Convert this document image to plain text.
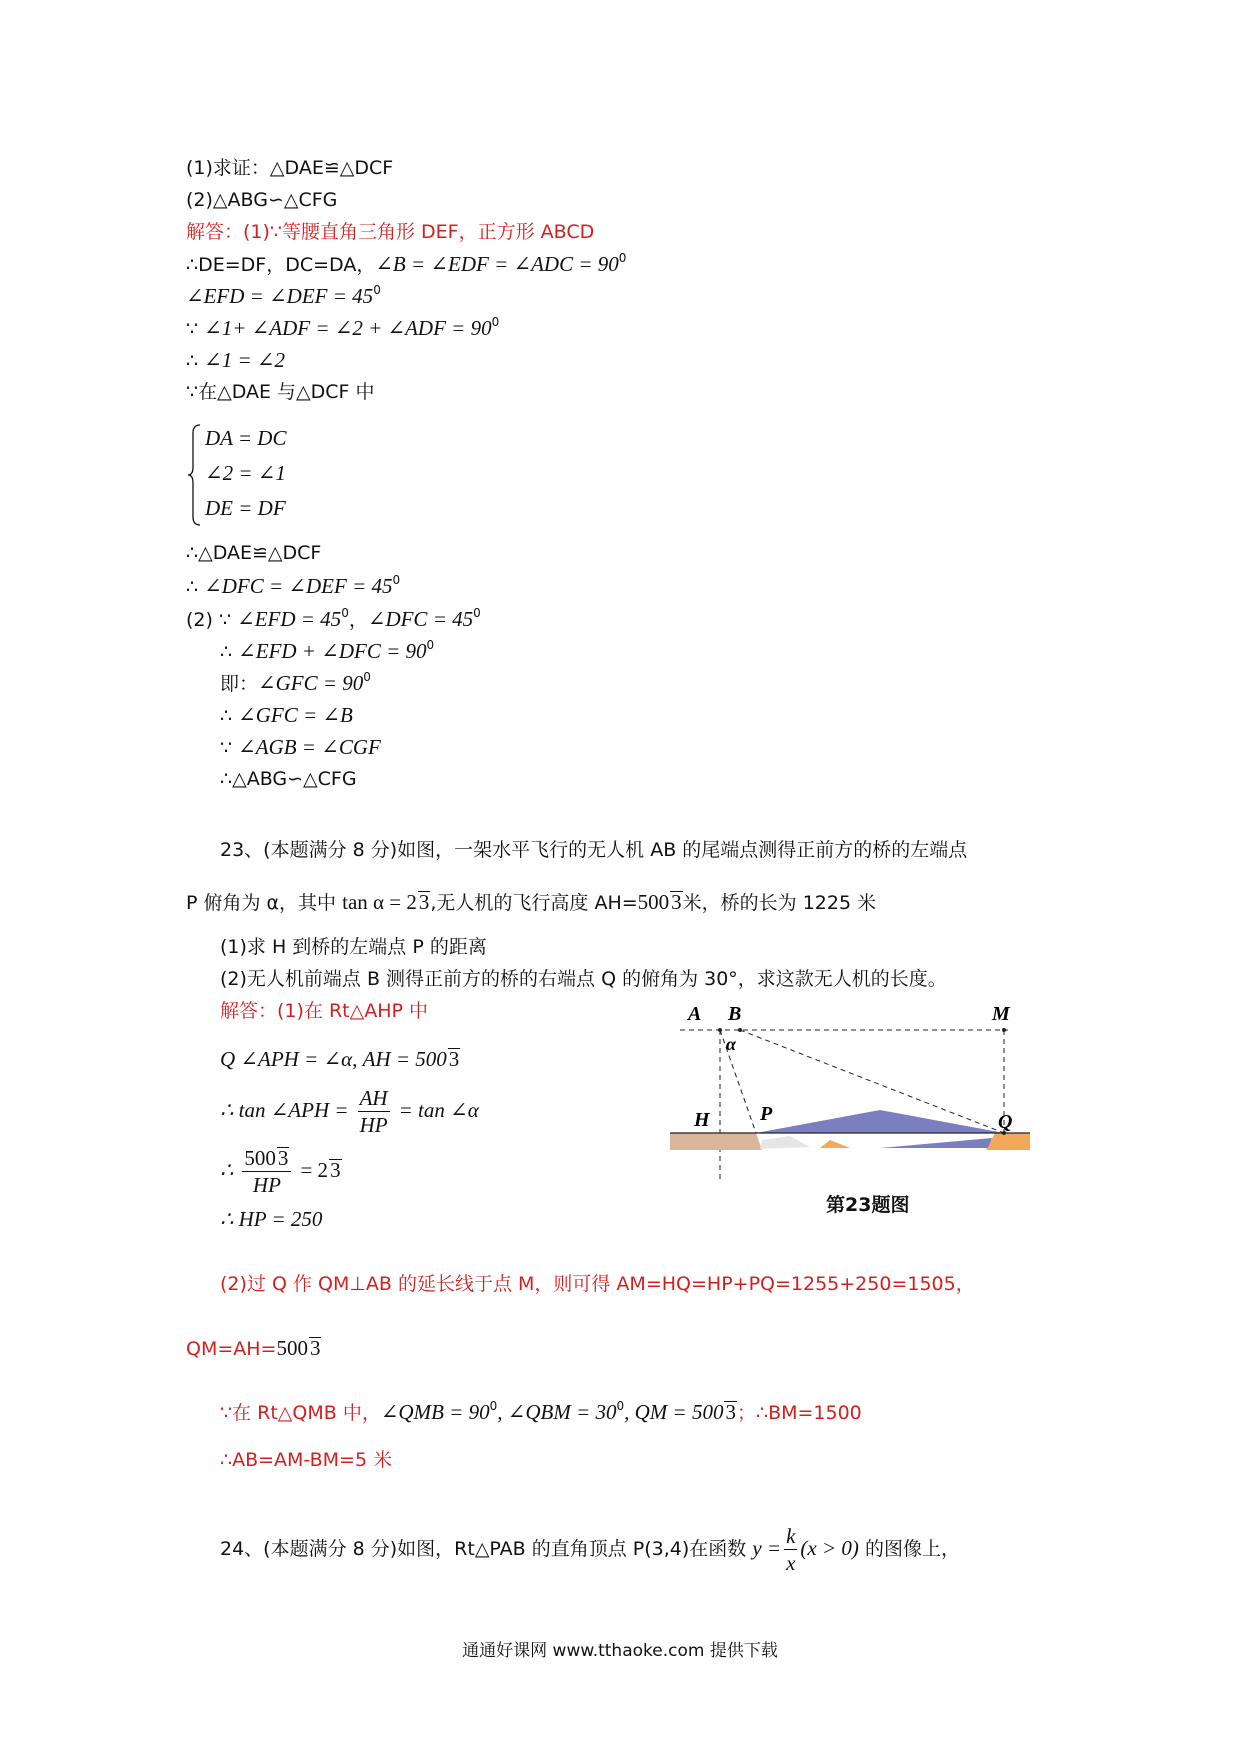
(1)求证：△DAE≌△DCF
(2)△ABG∽△CFG
解答：(1)∵等腰直角三角形 DEF，正方形 ABCD
∴DE=DF，DC=DA，∠B = ∠EDF = ∠ADC = $90^0$
∠EFD = ∠DEF = $45^0$
∵ ∠1+ ∠ADF = ∠2 + ∠ADF = $90^0$
∴ ∠1 = ∠2
∵在△DAE 与△DCF 中
DA = DC
∠2 = ∠1
DE = DF
∴△DAE≌△DCF
∴ ∠DFC = ∠DEF = $45^0$
(2) ∵ ∠EFD = $45^0$，∠DFC = $45^0$
∴ ∠EFD + ∠DFC = $90^0$
即：∠GFC = $90^0$
∴ ∠GFC = ∠B
∵ ∠AGB = ∠CGF
∴△ABG∽△CFG
23、(本题满分 8 分)如图，一架水平飞行的无人机 AB 的尾端点测得正前方的桥的左端点
P 俯角为 α，其中 tan α = 23,无人机的飞行高度 AH=5003米，桥的长为 1225 米
(1)求 H 到桥的左端点 P 的距离
(2)无人机前端点 B 测得正前方的桥的右端点 Q 的俯角为 30°，求这款无人机的长度。
解答：(1)在 Rt△AHP 中
Q ∠APH = ∠α, AH = 5003
∴ tan ∠APH = $\frac{AH}{HP} = \tan$ ∠α
∴ $\frac{5003}{HP} = 23$
∴ HP = 250
(2)过 Q 作 QM⊥AB 的延长线于点 M，则可得 AM=HQ=HP+PQ=1255+250=1505，
QM=AH=5003
∵在 Rt△QMB 中，∠QMB = $90^0$, ∠QBM = $30^0$, QM = 5003；∴BM=1500
∴AB=AM-BM=5 米
24、(本题满分 8 分)如图，Rt△PAB 的直角顶点 P(3,4)在函数 $y = \frac{k}{x} (x > 0)$ 的图像上，
A B	M
α
H	P	Q
第23题图
通通好课网 www.tthaoke.com 提供下载
